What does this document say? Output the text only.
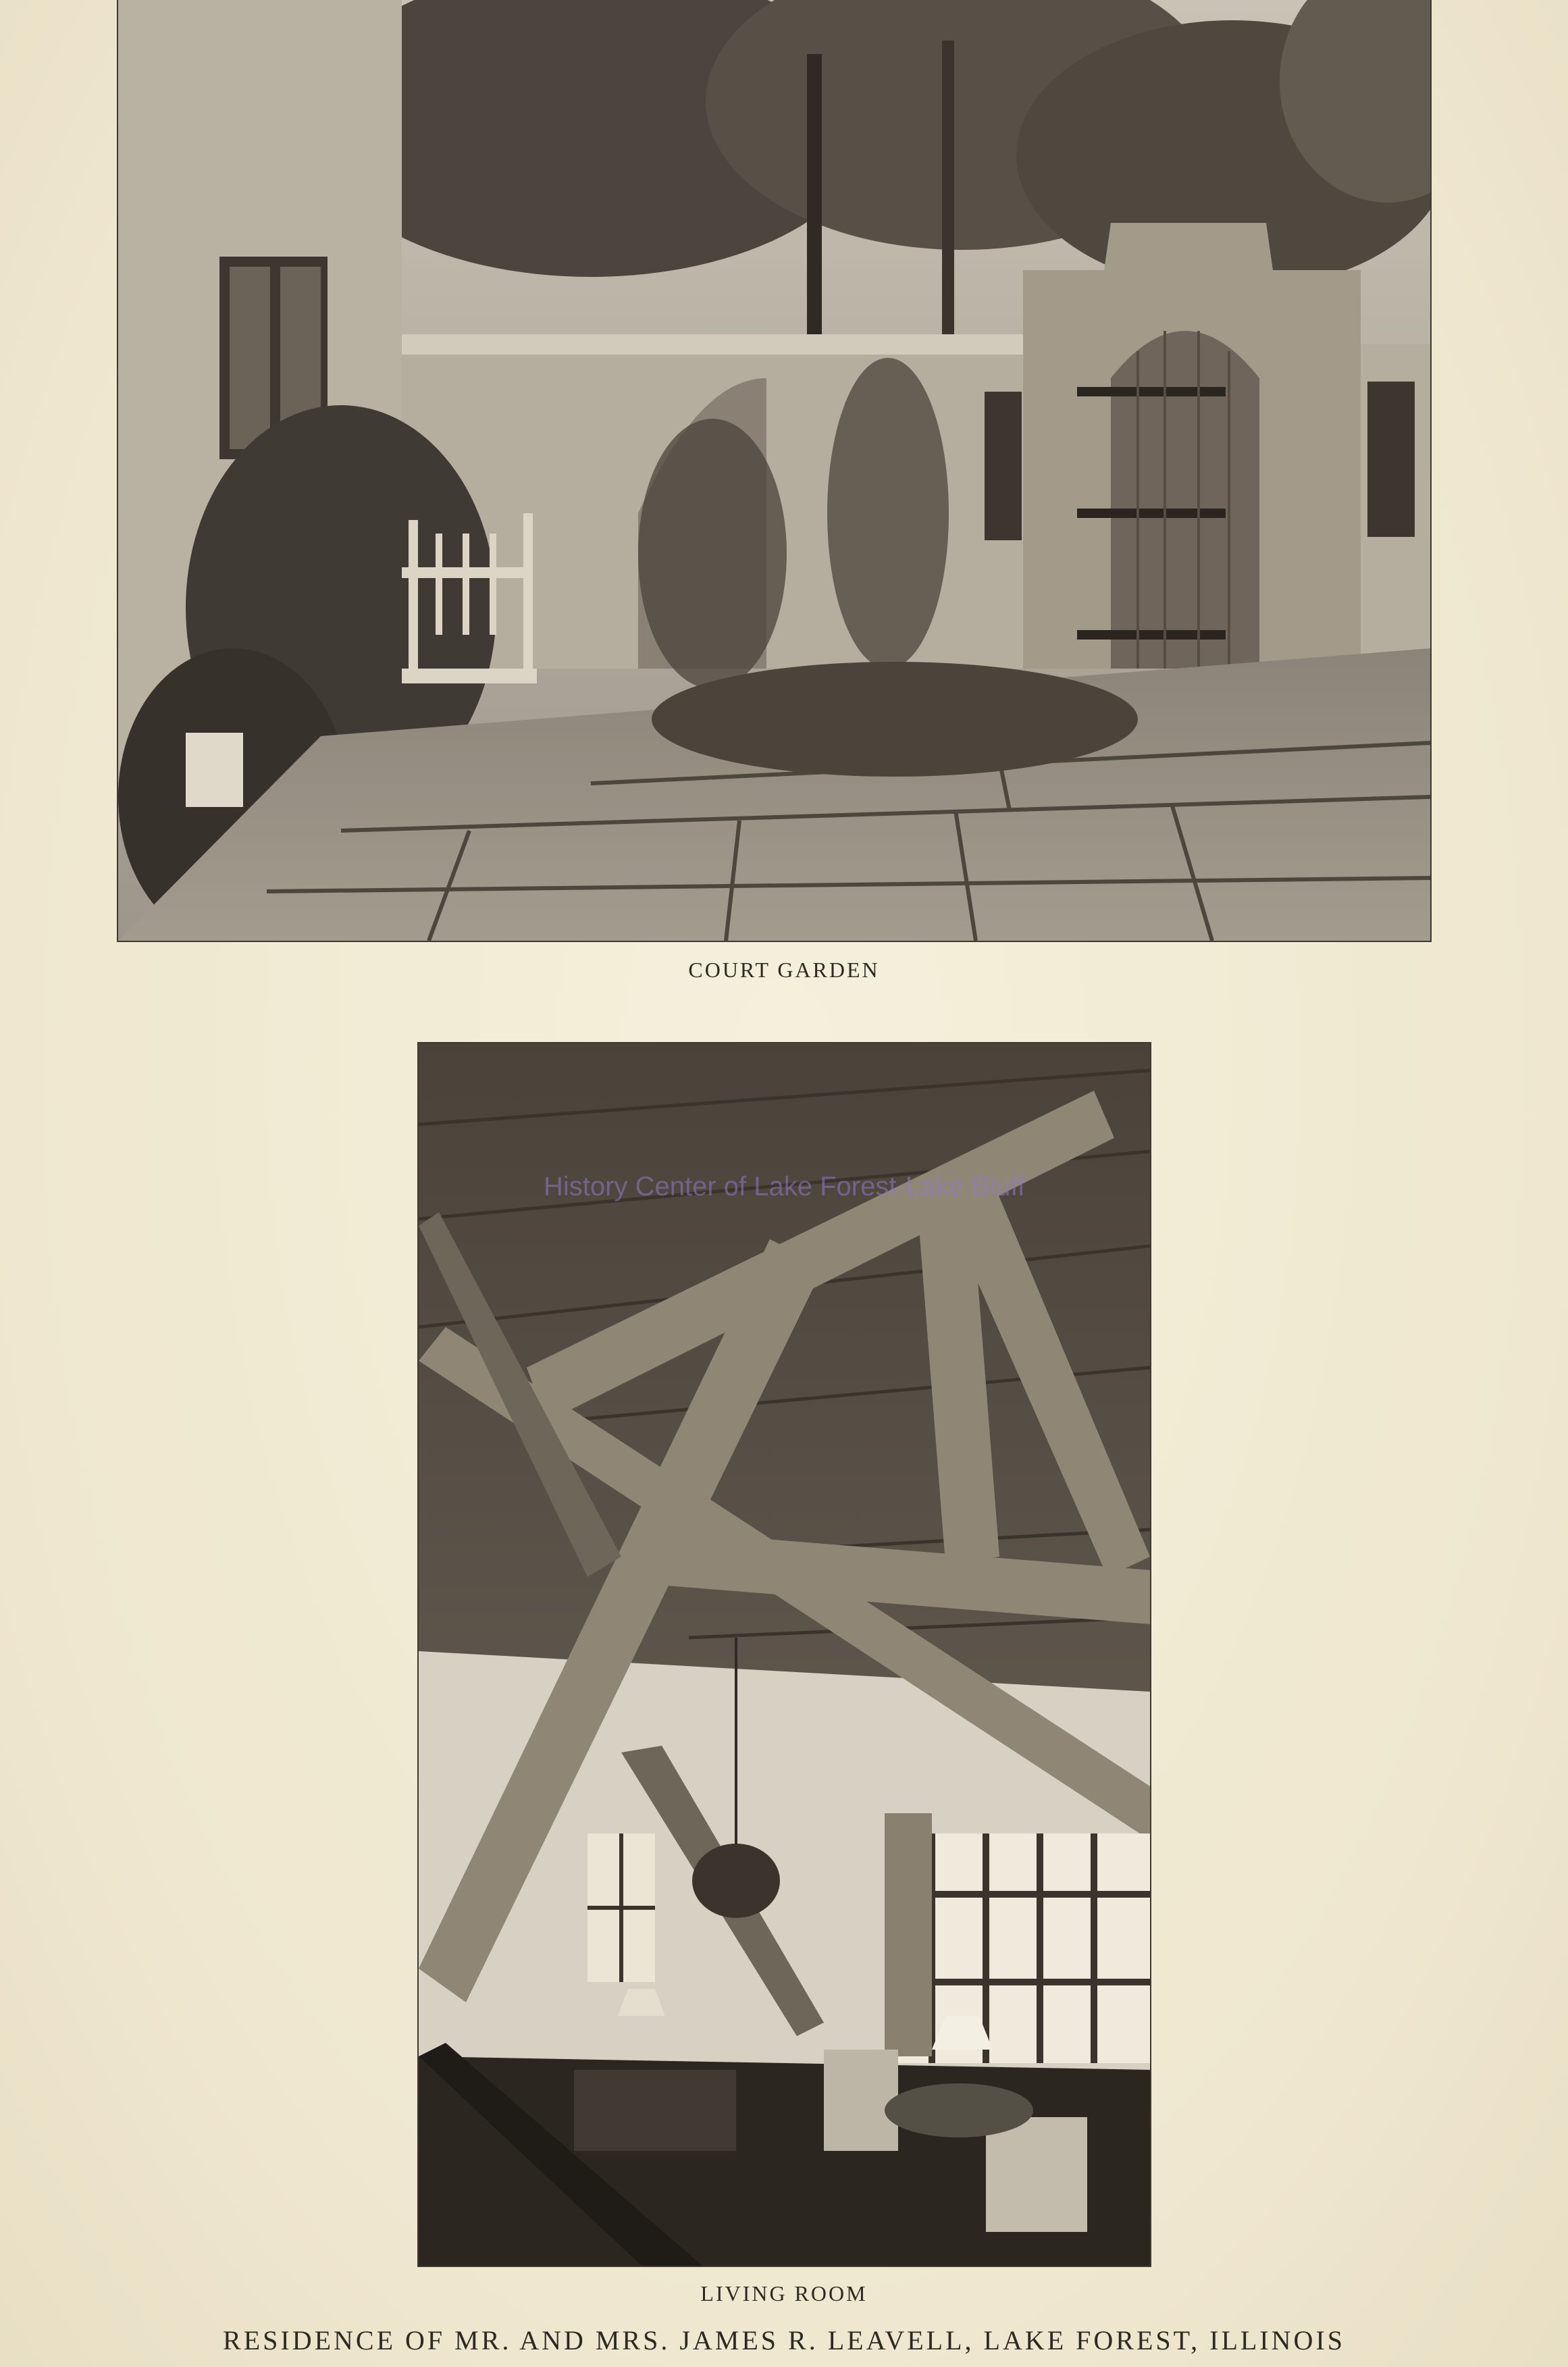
COURT GARDEN
History Center of Lake Forest-Lake Bluff
LIVING ROOM
RESIDENCE OF MR. AND MRS. JAMES R. LEAVELL, LAKE FOREST, ILLINOIS
